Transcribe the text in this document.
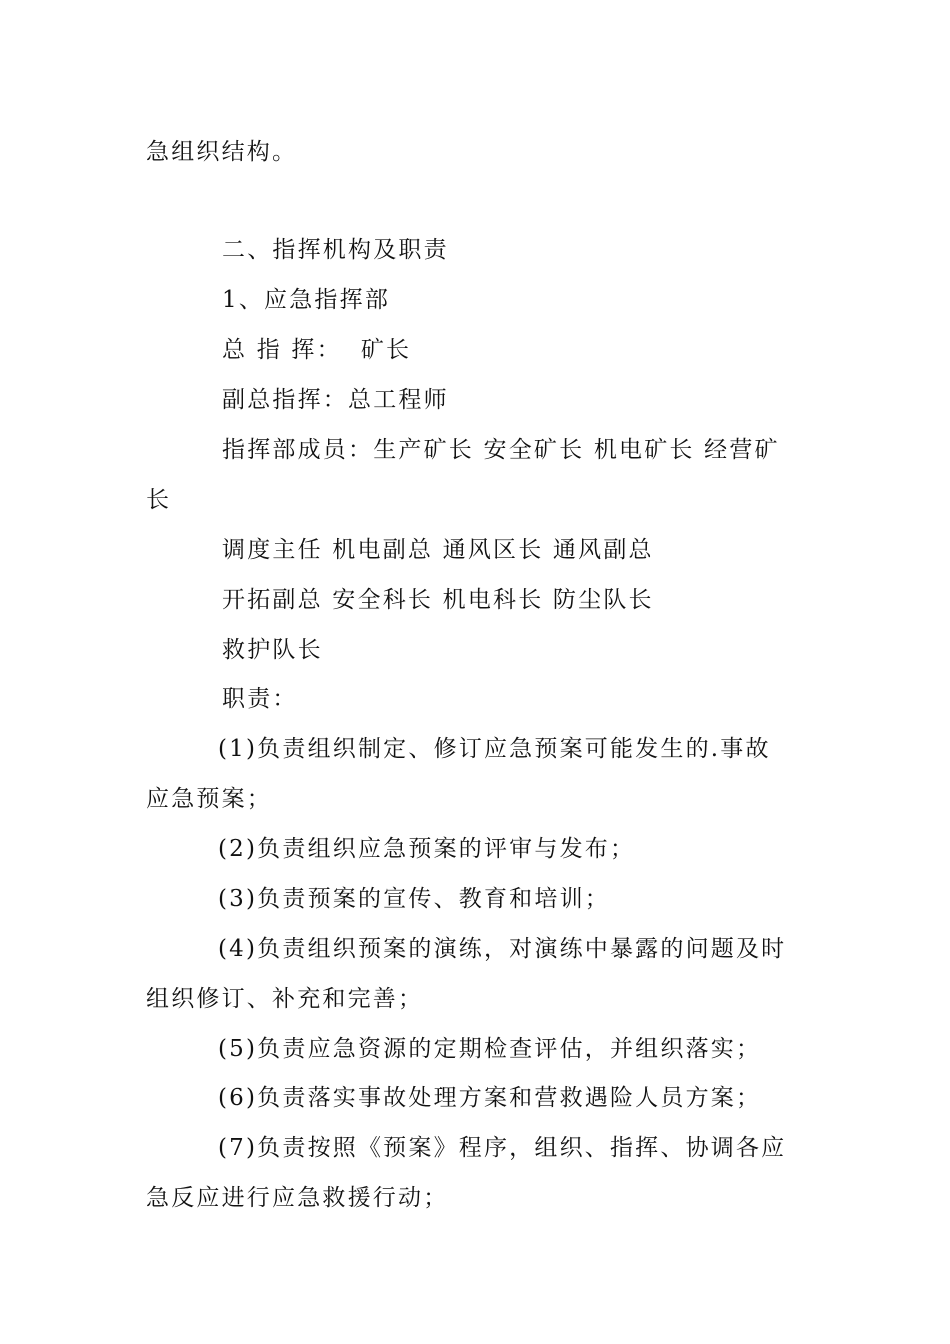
急组织结构。
二、指挥机构及职责
1、应急指挥部
总 指 挥：  矿长
副总指挥：总工程师
指挥部成员：生产矿长 安全矿长 机电矿长 经营矿
长
调度主任 机电副总 通风区长 通风副总
开拓副总 安全科长 机电科长 防尘队长
救护队长
职责：
(1)负责组织制定、修订应急预案可能发生的.事故
应急预案；
(2)负责组织应急预案的评审与发布；
(3)负责预案的宣传、教育和培训；
(4)负责组织预案的演练，对演练中暴露的问题及时
组织修订、补充和完善；
(5)负责应急资源的定期检查评估，并组织落实；
(6)负责落实事故处理方案和营救遇险人员方案；
(7)负责按照《预案》程序，组织、指挥、协调各应
急反应进行应急救援行动；
